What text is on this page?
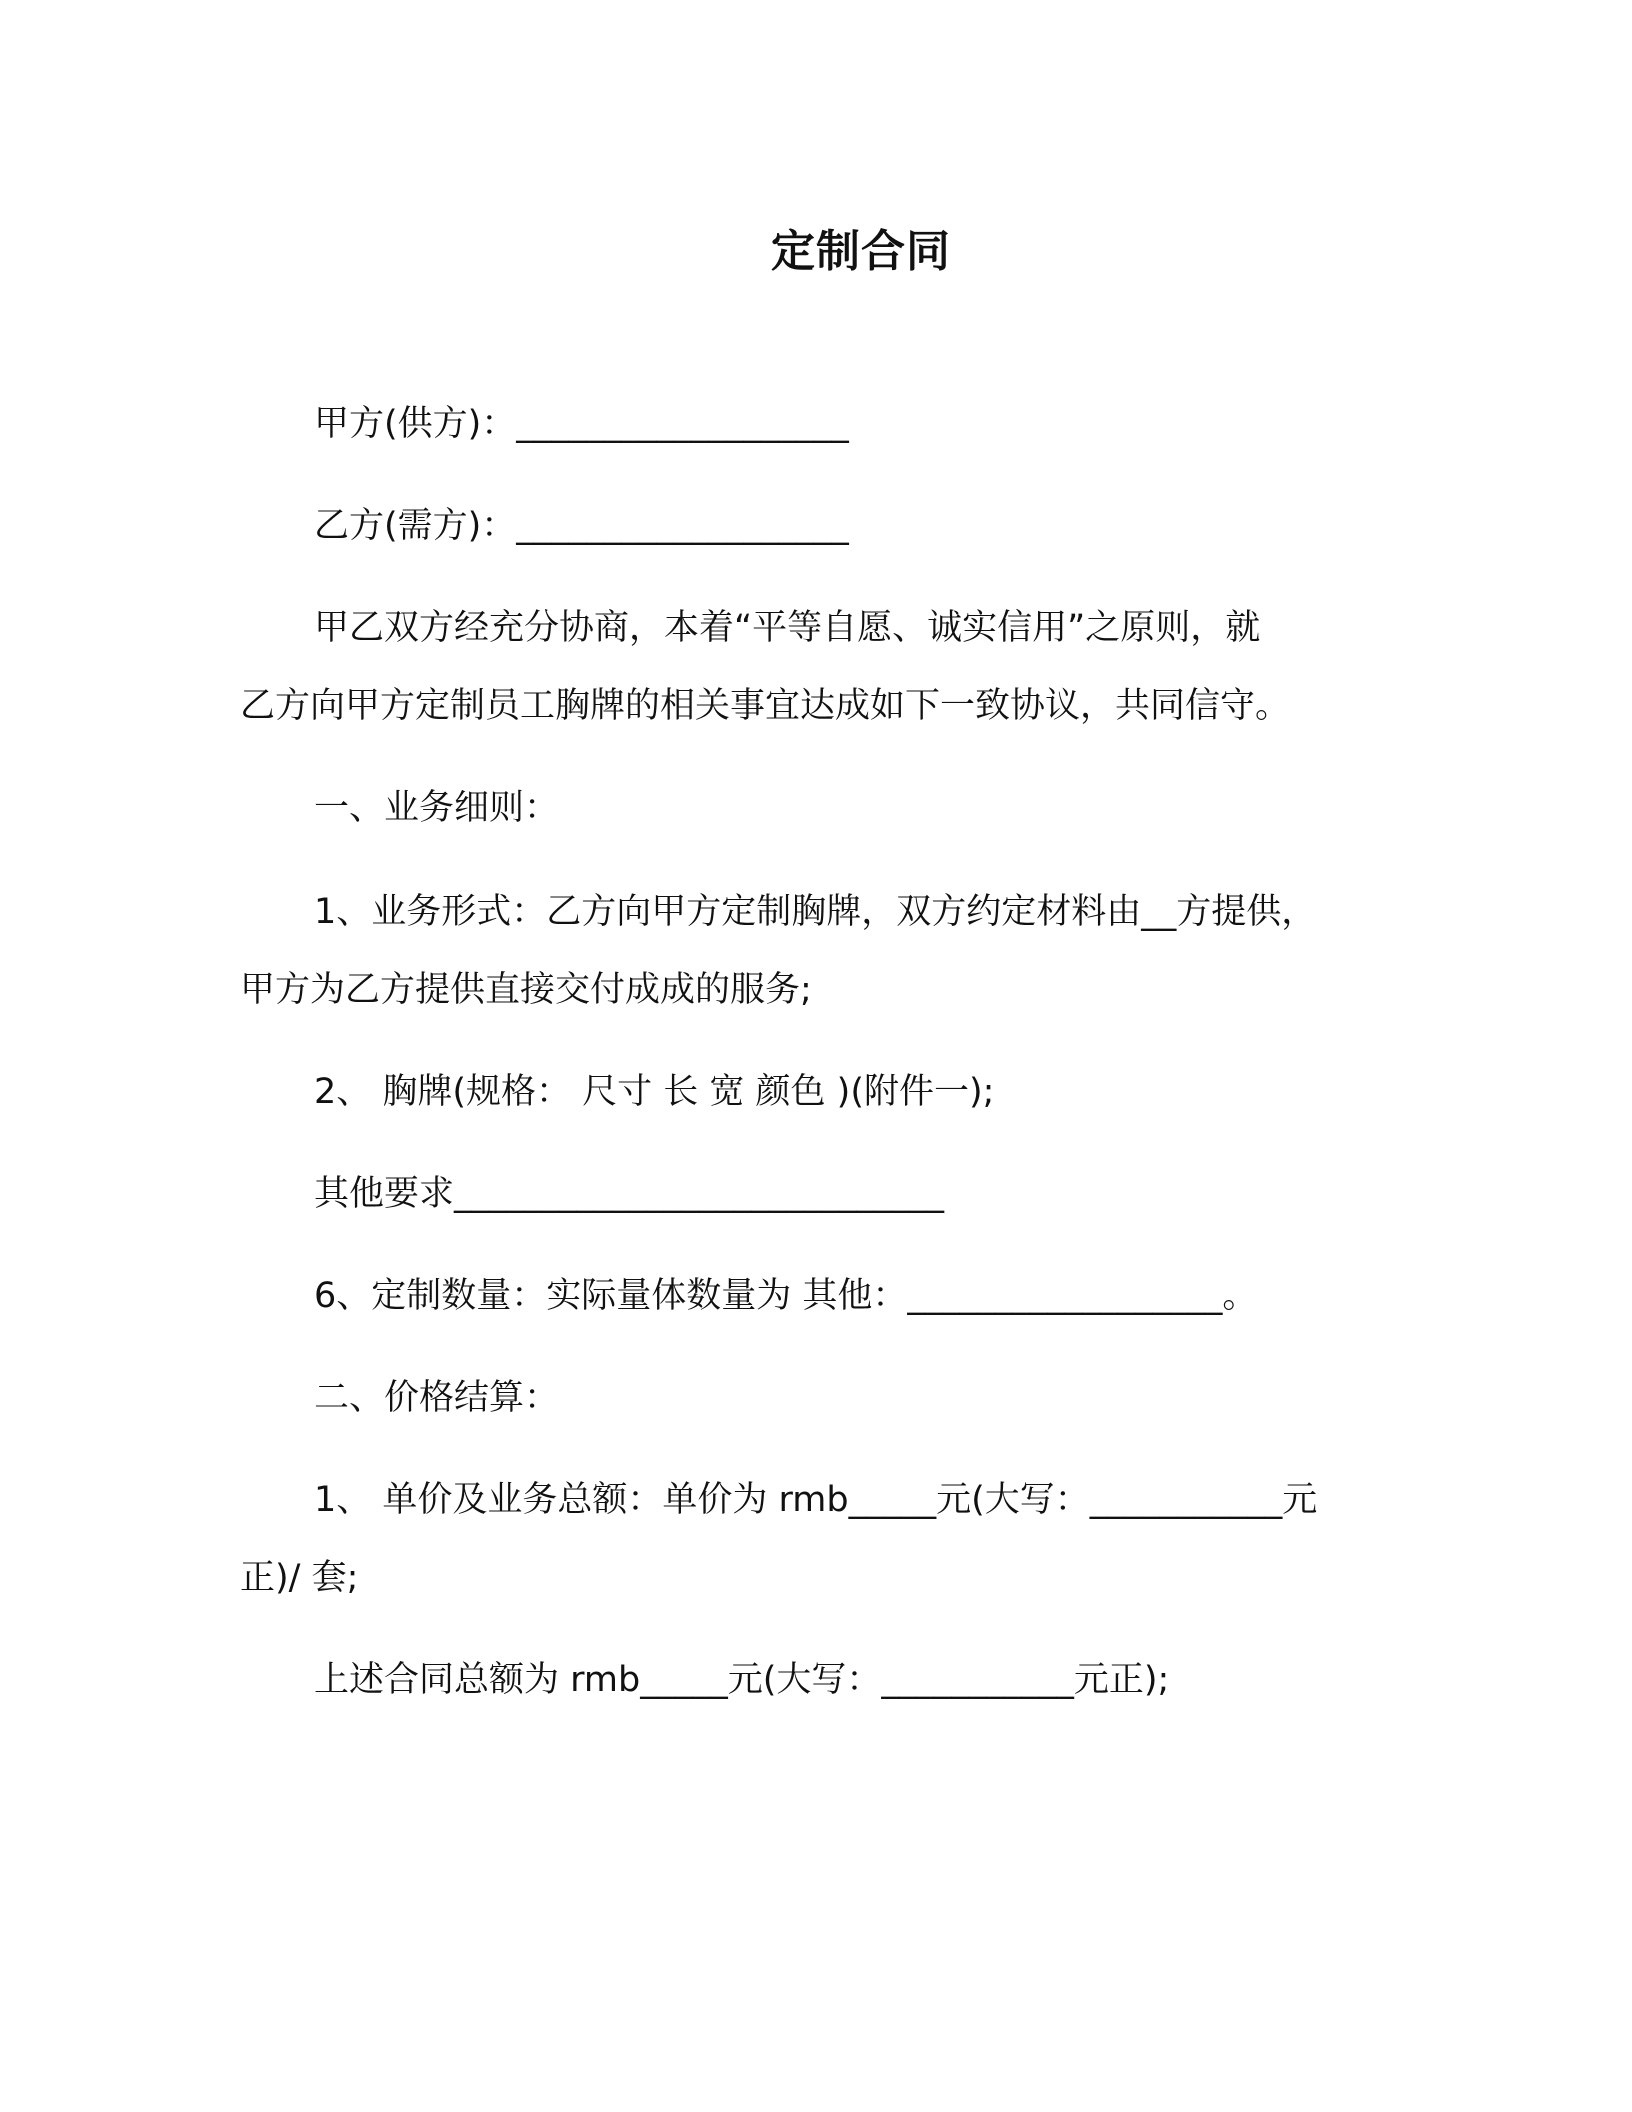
定制合同
甲方(供方)：___________________
乙方(需方)：___________________
甲乙双方经充分协商，本着“平等自愿、诚实信用”之原则，就
乙方向甲方定制员工胸牌的相关事宜达成如下一致协议，共同信守。
一、业务细则：
1、业务形式：乙方向甲方定制胸牌，双方约定材料由__方提供，
甲方为乙方提供直接交付成成的服务;
2、 胸牌(规格： 尺寸 长 宽 颜色 )(附件一);
其他要求____________________________
6、定制数量：实际量体数量为 其他：__________________。
二、价格结算：
1、 单价及业务总额：单价为 rmb_____元(大写：___________元
正)/ 套;
上述合同总额为 rmb_____元(大写：___________元正);
